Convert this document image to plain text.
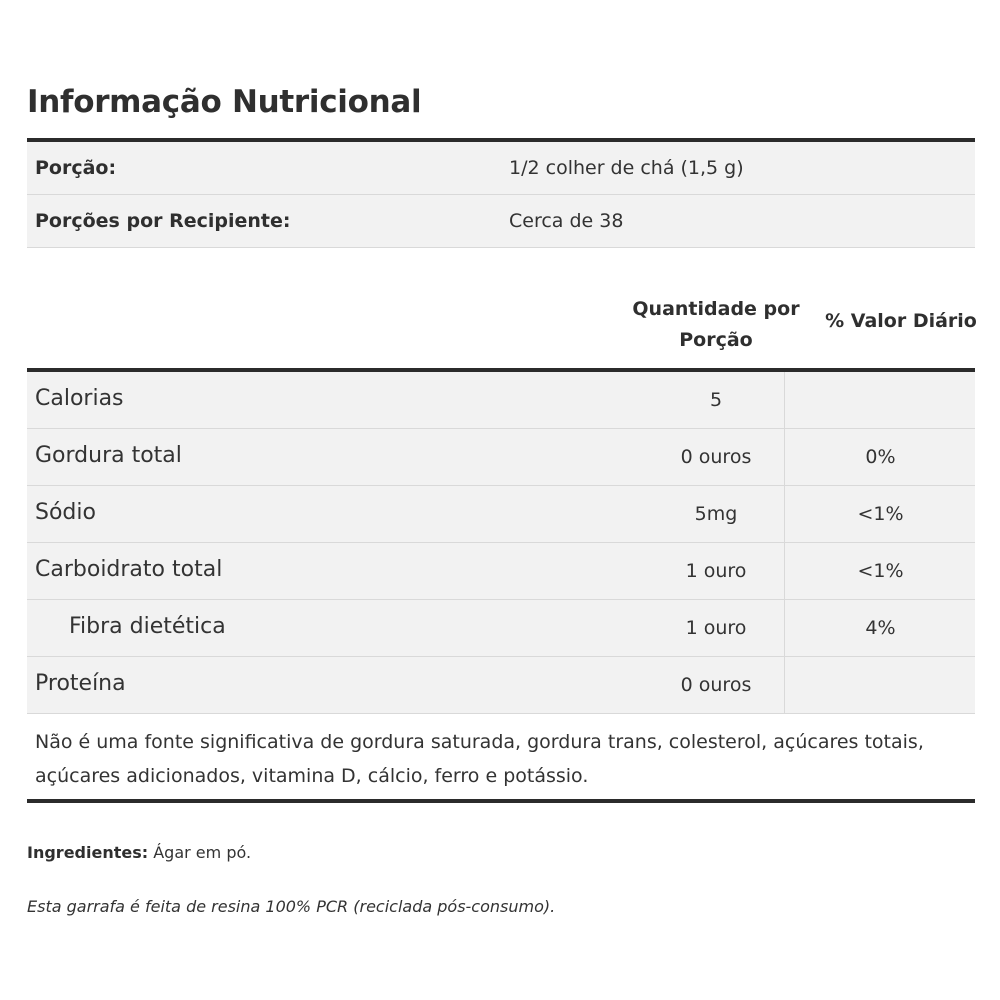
Informação Nutricional
Porção:	1/2 colher de chá (1,5 g)
Porções por Recipiente:	Cerca de 38
Quantidade por Porção
% Valor Diário
Calorias	5
Gordura total	0 ouros	0%
Sódio	5mg	<1%
Carboidrato total	1 ouro	<1%
Fibra dietética	1 ouro	4%
Proteína	0 ouros

Não é uma fonte significativa de gordura saturada, gordura trans, colesterol, açúcares totais, açúcares adicionados, vitamina D, cálcio, ferro e potássio.

Ingredientes: Ágar em pó.
Esta garrafa é feita de resina 100% PCR (reciclada pós-consumo).
